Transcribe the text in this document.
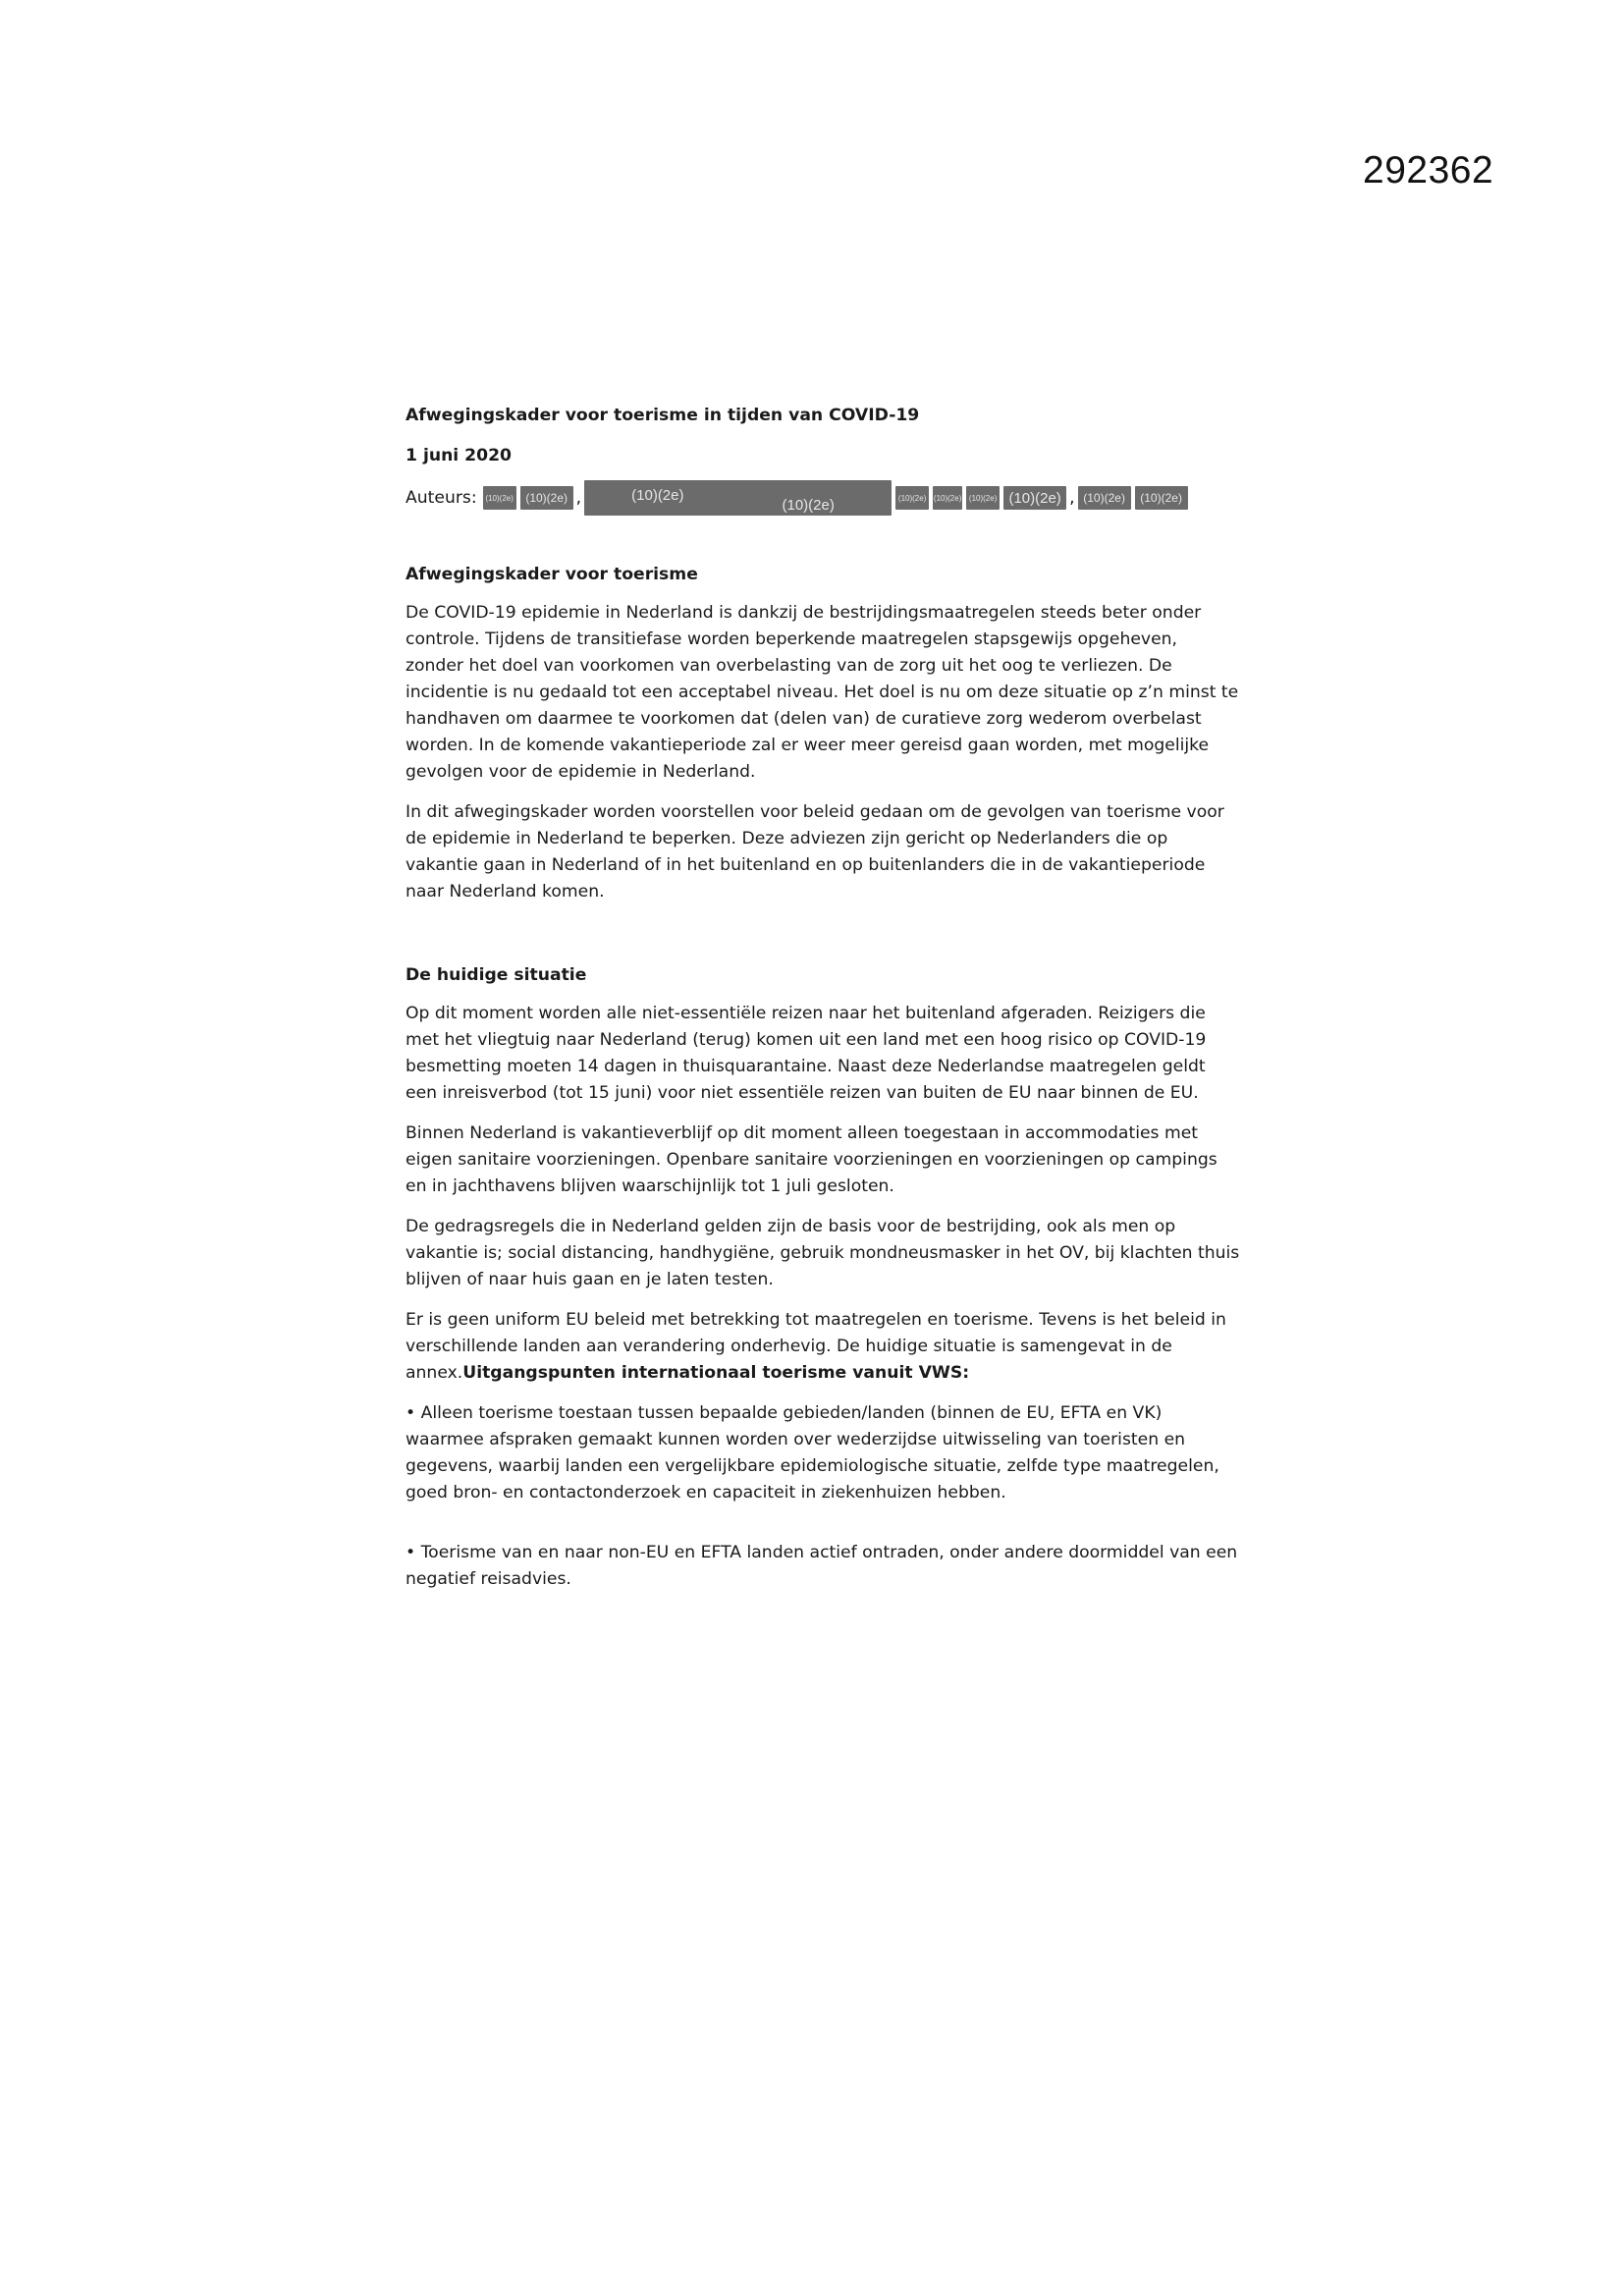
292362
Afwegingskader voor toerisme in tijden van COVID-19
1 juni 2020
Auteurs:	(10)(2e)	(10)(2e) ,	(10)(2e)
(10)(2e)	(10)(2e) (10)(2e) (10)(2e) (10)(2e) , (10)(2e)	(10)(2e)
Afwegingskader voor toerisme

De COVID-19 epidemie in Nederland is dankzij de bestrijdingsmaatregelen steeds beter onder controle. Tijdens de transitiefase worden beperkende maatregelen stapsgewijs opgeheven, zonder het doel van voorkomen van overbelasting van de zorg uit het oog te verliezen. De incidentie is nu gedaald tot een acceptabel niveau. Het doel is nu om deze situatie op z’n minst te handhaven om daarmee te voorkomen dat (delen van) de curatieve zorg wederom overbelast worden. In de komende vakantieperiode zal er weer meer gereisd gaan worden, met mogelijke gevolgen voor de epidemie in Nederland.

In dit afwegingskader worden voorstellen voor beleid gedaan om de gevolgen van toerisme voor de epidemie in Nederland te beperken. Deze adviezen zijn gericht op Nederlanders die op vakantie gaan in Nederland of in het buitenland en op buitenlanders die in de vakantieperiode naar Nederland komen.

De huidige situatie

Op dit moment worden alle niet-essentiële reizen naar het buitenland afgeraden. Reizigers die met het vliegtuig naar Nederland (terug) komen uit een land met een hoog risico op COVID-19 besmetting moeten 14 dagen in thuisquarantaine. Naast deze Nederlandse maatregelen geldt een inreisverbod (tot 15 juni) voor niet essentiële reizen van buiten de EU naar binnen de EU.

Binnen Nederland is vakantieverblijf op dit moment alleen toegestaan in accommodaties met eigen sanitaire voorzieningen. Openbare sanitaire voorzieningen en voorzieningen op campings en in jachthavens blijven waarschijnlijk tot 1 juli gesloten.

De gedragsregels die in Nederland gelden zijn de basis voor de bestrijding, ook als men op vakantie is; social distancing, handhygiëne, gebruik mondneusmasker in het OV, bij klachten thuis blijven of naar huis gaan en je laten testen.

Er is geen uniform EU beleid met betrekking tot maatregelen en toerisme. Tevens is het beleid in verschillende landen aan verandering onderhevig. De huidige situatie is samengevat in de annex.Uitgangspunten internationaal toerisme vanuit VWS:

• Alleen toerisme toestaan tussen bepaalde gebieden/landen (binnen de EU, EFTA en VK) waarmee afspraken gemaakt kunnen worden over wederzijdse uitwisseling van toeristen en gegevens, waarbij landen een vergelijkbare epidemiologische situatie, zelfde type maatregelen, goed bron- en contactonderzoek en capaciteit in ziekenhuizen hebben.

• Toerisme van en naar non-EU en EFTA landen actief ontraden, onder andere doormiddel van een negatief reisadvies.
